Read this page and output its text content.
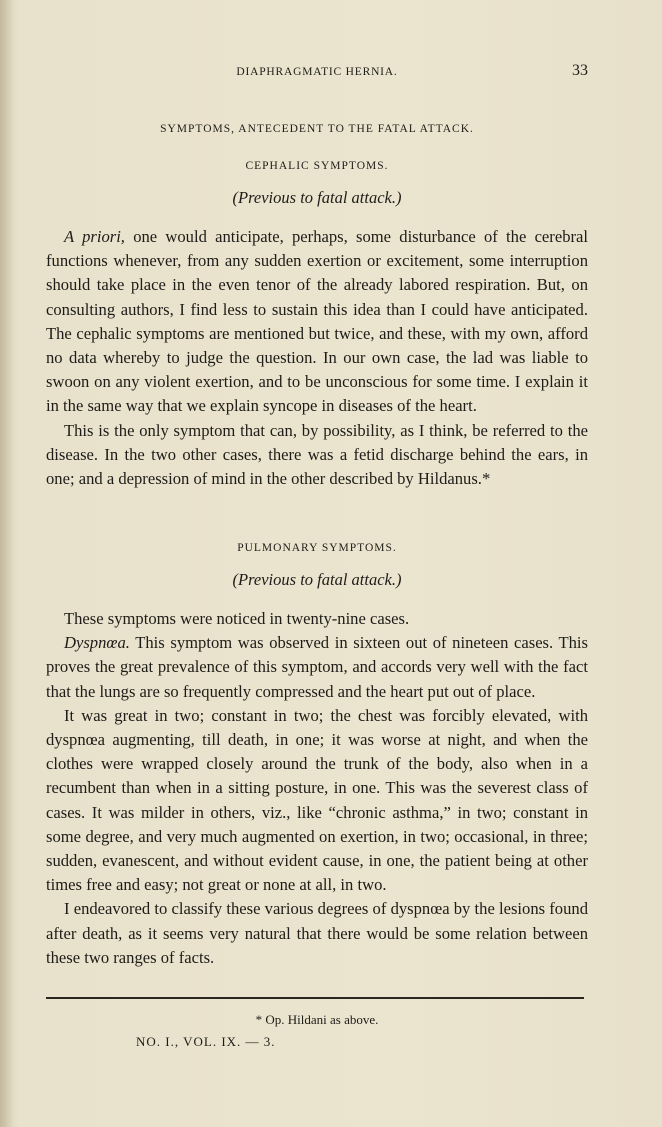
DIAPHRAGMATIC HERNIA.	33
SYMPTOMS, ANTECEDENT TO THE FATAL ATTACK.
CEPHALIC SYMPTOMS.
(Previous to fatal attack.)

A priori, one would anticipate, perhaps, some disturbance of the cerebral functions whenever, from any sudden exertion or excitement, some interruption should take place in the even tenor of the already labored respiration. But, on consulting authors, I find less to sustain this idea than I could have anticipated. The cephalic symptoms are mentioned but twice, and these, with my own, afford no data whereby to judge the question. In our own case, the lad was liable to swoon on any violent exertion, and to be unconscious for some time. I explain it in the same way that we explain syncope in diseases of the heart.

This is the only symptom that can, by possibility, as I think, be referred to the disease. In the two other cases, there was a fetid discharge behind the ears, in one; and a depression of mind in the other described by Hildanus.*

PULMONARY SYMPTOMS.
(Previous to fatal attack.)

These symptoms were noticed in twenty-nine cases.

Dyspnœa. This symptom was observed in sixteen out of nineteen cases. This proves the great prevalence of this symptom, and accords very well with the fact that the lungs are so frequently compressed and the heart put out of place.

It was great in two; constant in two; the chest was forcibly elevated, with dyspnœa augmenting, till death, in one; it was worse at night, and when the clothes were wrapped closely around the trunk of the body, also when in a recumbent than when in a sitting posture, in one. This was the severest class of cases. It was milder in others, viz., like “chronic asthma,” in two; constant in some degree, and very much augmented on exertion, in two; occasional, in three; sudden, evanescent, and without evident cause, in one, the patient being at other times free and easy; not great or none at all, in two.

I endeavored to classify these various degrees of dyspnœa by the lesions found after death, as it seems very natural that there would be some relation between these two ranges of facts.

* Op. Hildani as above.
NO. I., VOL. IX. — 3.
